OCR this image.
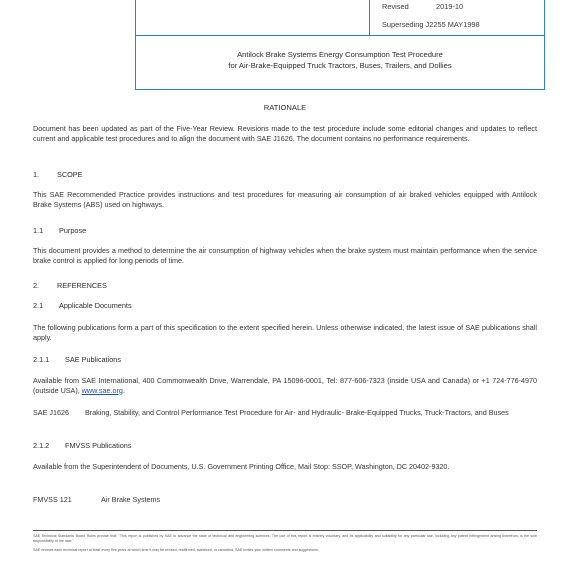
Revised	2019-10
Superseding J2255 MAY1998
Antilock Brake Systems Energy Consumption Test Procedure
for Air-Brake-Equipped Truck Tractors, Buses, Trailers, and Dollies
RATIONALE
Document has been updated as part of the Five-Year Review. Revisions made to the test procedure include some editorial changes and updates to reflect current and applicable test procedures and to align the document with SAE J1626. The document contains no performance requirements.
1. SCOPE
This SAE Recommended Practice provides instructions and test procedures for measuring air consumption of air braked vehicles equipped with Antilock Brake Systems (ABS) used on highways.
1.1 Purpose
This document provides a method to determine the air consumption of highway vehicles when the brake system must maintain performance when the service brake control is applied for long periods of time.
2. REFERENCES
2.1 Applicable Documents
The following publications form a part of this specification to the extent specified herein. Unless otherwise indicated, the latest issue of SAE publications shall apply.
2.1.1 SAE Publications
Available from SAE International, 400 Commonwealth Drive, Warrendale, PA 15096-0001, Tel: 877-606-7323 (inside USA and Canada) or +1 724-776-4970 (outside USA), www.sae.org.
SAE J1626 Braking, Stability, and Control Performance Test Procedure for Air- and Hydraulic- Brake-Equipped Trucks, Truck-Tractors, and Buses
2.1.2 FMVSS Publications
Available from the Superintendent of Documents, U.S. Government Printing Office, Mail Stop: SSOP, Washington, DC 20402-9320.
FMVSS 121	Air Brake Systems
SAE Technical Standards Board Rules provide that: "This report is published by SAE to advance the state of technical and engineering sciences. The use of this report is entirely voluntary, and its applicability and suitability for any particular use, including any patent infringement arising therefrom, is the sole responsibility of the user."
SAE reviews each technical report at least every five years at which time it may be revised, reaffirmed, stabilized, or cancelled. SAE invites your written comments and suggestions.
